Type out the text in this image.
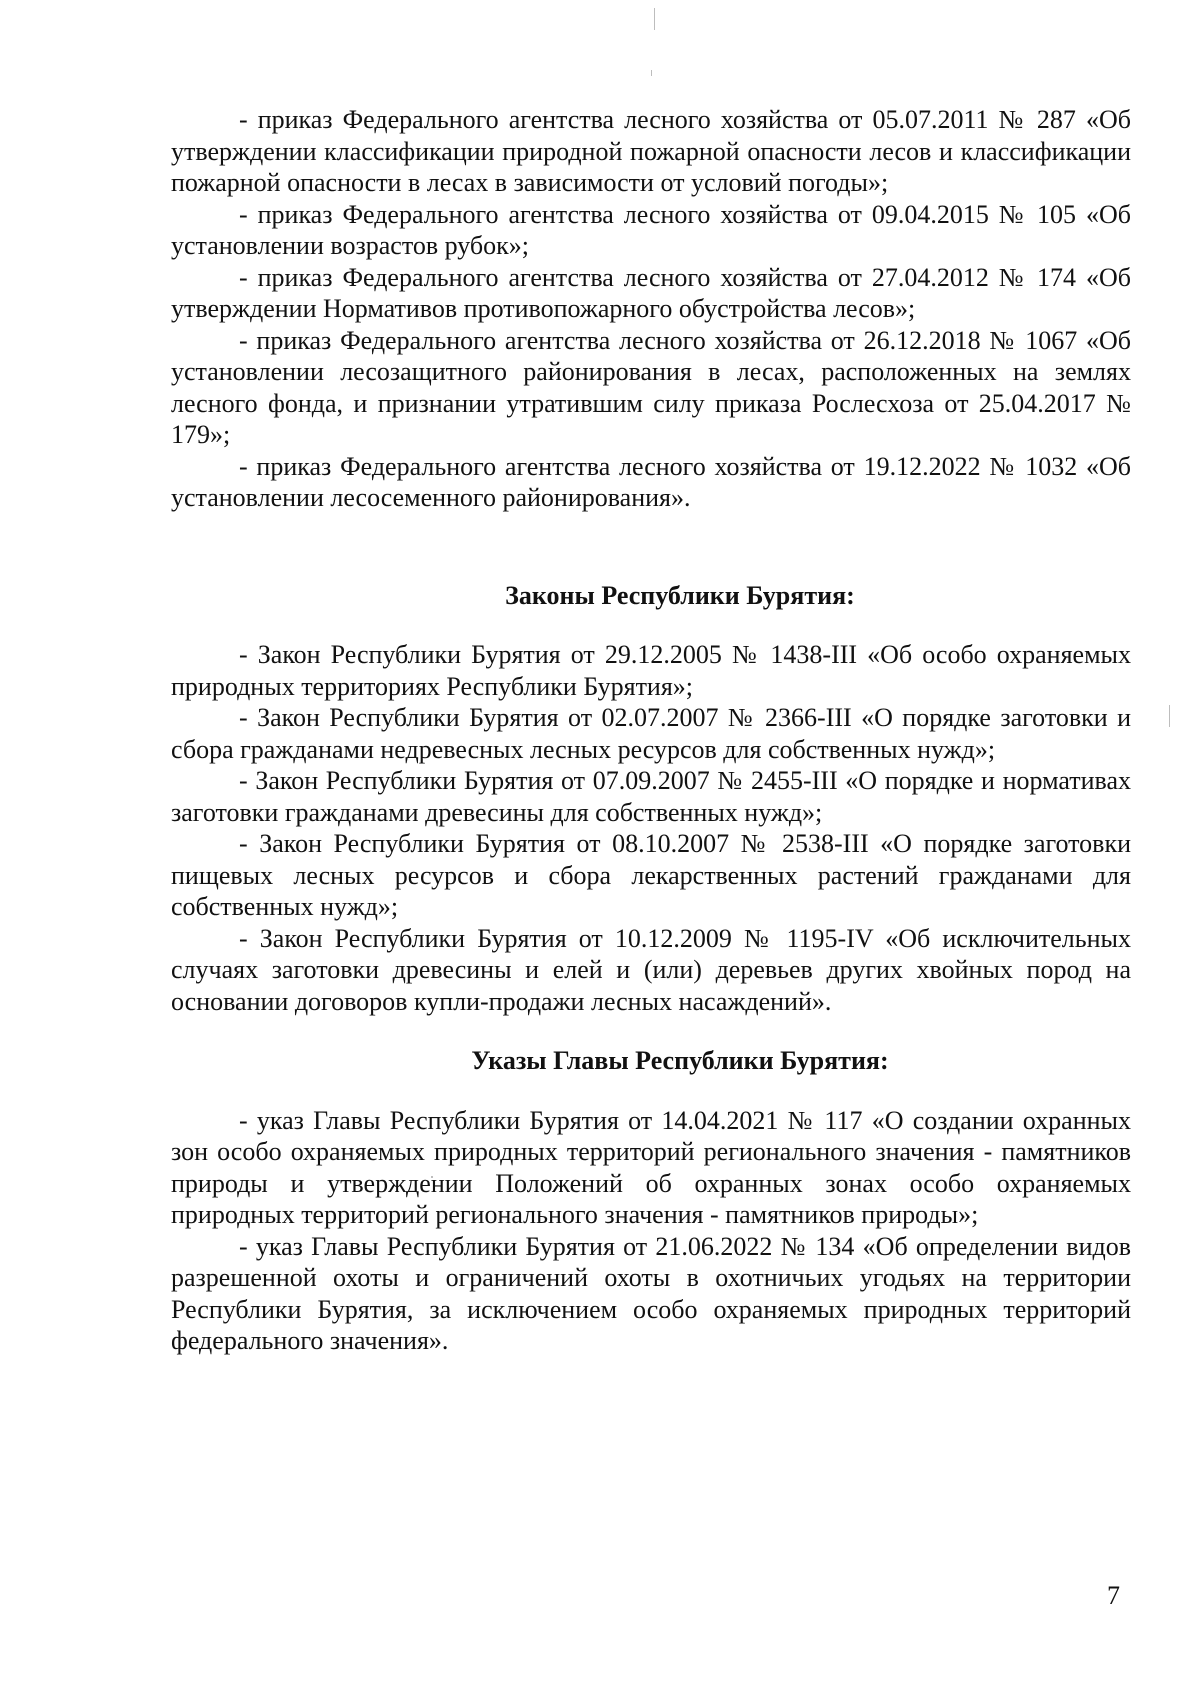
- приказ Федерального агентства лесного хозяйства от 05.07.2011 № 287 «Об утверждении классификации природной пожарной опасности лесов и классификации пожарной опасности в лесах в зависимости от условий погоды»;

- приказ Федерального агентства лесного хозяйства от 09.04.2015 № 105 «Об установлении возрастов рубок»;

- приказ Федерального агентства лесного хозяйства от 27.04.2012 № 174 «Об утверждении Нормативов противопожарного обустройства лесов»;

- приказ Федерального агентства лесного хозяйства от 26.12.2018 № 1067 «Об установлении лесозащитного районирования в лесах, расположенных на землях лесного фонда, и признании утратившим силу приказа Рослесхоза от 25.04.2017 № 179»;

- приказ Федерального агентства лесного хозяйства от 19.12.2022 № 1032 «Об установлении лесосеменного районирования».

Законы Республики Бурятия:

- Закон Республики Бурятия от 29.12.2005 № 1438-III «Об особо охраняемых природных территориях Республики Бурятия»;

- Закон Республики Бурятия от 02.07.2007 № 2366-III «О порядке заготовки и сбора гражданами недревесных лесных ресурсов для собственных нужд»;

- Закон Республики Бурятия от 07.09.2007 № 2455-III «О порядке и нормативах заготовки гражданами древесины для собственных нужд»;

- Закон Республики Бурятия от 08.10.2007 № 2538-III «О порядке заготовки пищевых лесных ресурсов и сбора лекарственных растений гражданами для собственных нужд»;

- Закон Республики Бурятия от 10.12.2009 № 1195-IV «Об исключительных случаях заготовки древесины и елей и (или) деревьев других хвойных пород на основании договоров купли-продажи лесных насаждений».

Указы Главы Республики Бурятия:

- указ Главы Республики Бурятия от 14.04.2021 № 117 «О создании охранных зон особо охраняемых природных территорий регионального значения - памятников природы и утверждении Положений об охранных зонах особо охраняемых природных территорий регионального значения - памятников природы»;

- указ Главы Республики Бурятия от 21.06.2022 № 134 «Об определении видов разрешенной охоты и ограничений охоты в охотничьих угодьях на территории Республики Бурятия, за исключением особо охраняемых природных территорий федерального значения».

7
